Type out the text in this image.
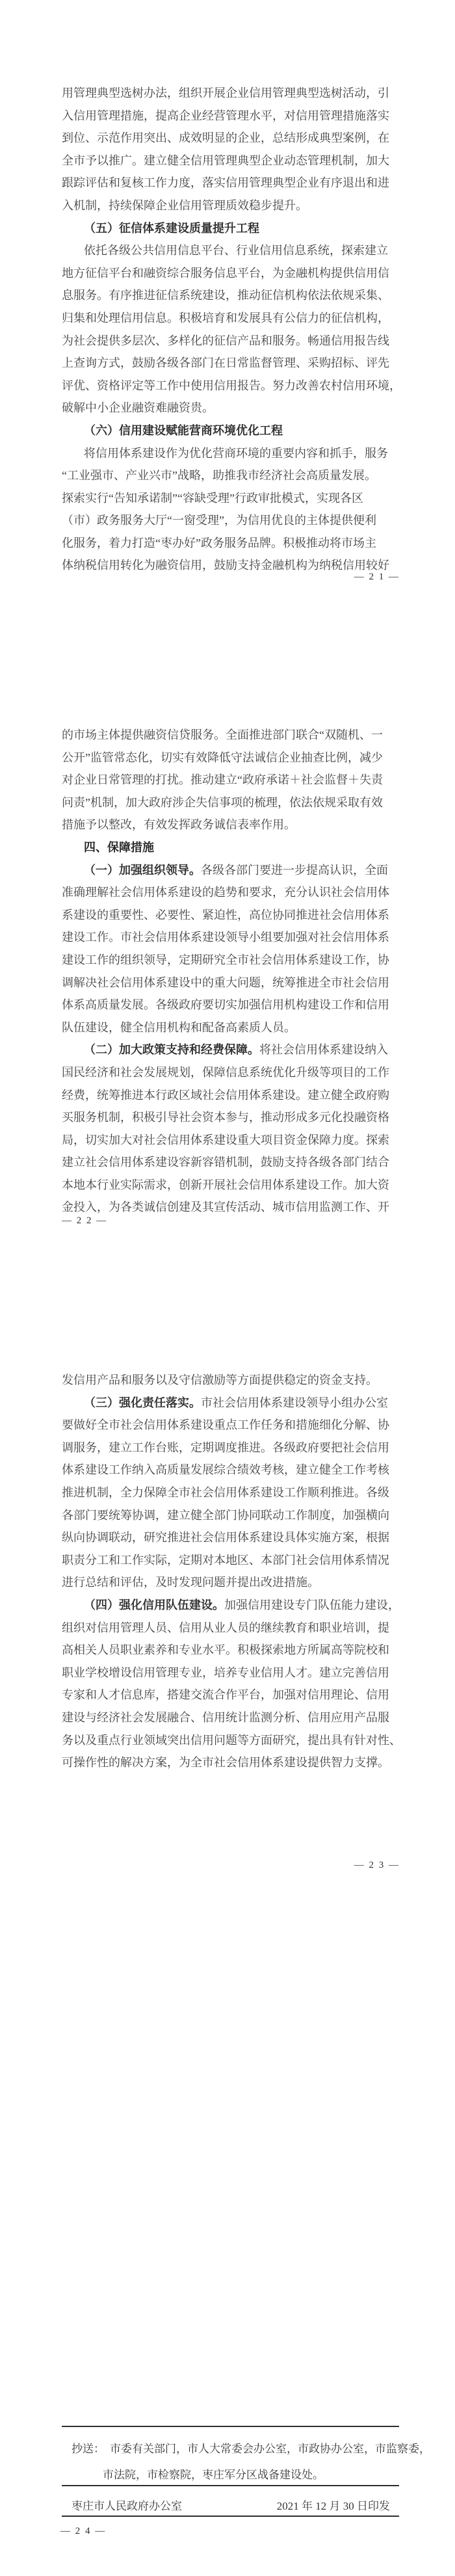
用管理典型选树办法，组织开展企业信用管理典型选树活动，引
入信用管理措施，提高企业经营管理水平，对信用管理措施落实
到位、示范作用突出、成效明显的企业，总结形成典型案例，在
全市予以推广。建立健全信用管理典型企业动态管理机制，加大
跟踪评估和复核工作力度，落实信用管理典型企业有序退出和进
入机制，持续保障企业信用管理质效稳步提升。
（五）征信体系建设质量提升工程
依托各级公共信用信息平台、行业信用信息系统，探索建立
地方征信平台和融资综合服务信息平台，为金融机构提供信用信
息服务。有序推进征信系统建设，推动征信机构依法依规采集、
归集和处理信用信息。积极培育和发展具有公信力的征信机构，
为社会提供多层次、多样化的征信产品和服务。畅通信用报告线
上查询方式，鼓励各级各部门在日常监督管理、采购招标、评先
评优、资格评定等工作中使用信用报告。努力改善农村信用环境，
破解中小企业融资难融资贵。
（六）信用建设赋能营商环境优化工程
将信用体系建设作为优化营商环境的重要内容和抓手，服务
“工业强市、产业兴市”战略，助推我市经济社会高质量发展。
探索实行“告知承诺制”“容缺受理”行政审批模式，实现各区
（市）政务服务大厅“一窗受理”，为信用优良的主体提供便利
化服务，着力打造“枣办好”政务服务品牌。积极推动将市场主
体纳税信用转化为融资信用，鼓励支持金融机构为纳税信用较好
— 2 1 —
的市场主体提供融资信贷服务。全面推进部门联合“双随机、一
公开”监管常态化，切实有效降低守法诚信企业抽查比例，减少
对企业日常管理的打扰。推动建立“政府承诺＋社会监督＋失责
问责”机制，加大政府涉企失信事项的梳理，依法依规采取有效
措施予以整改，有效发挥政务诚信表率作用。
四、保障措施
（一）加强组织领导。各级各部门要进一步提高认识，全面
准确理解社会信用体系建设的趋势和要求，充分认识社会信用体
系建设的重要性、必要性、紧迫性，高位协同推进社会信用体系
建设工作。市社会信用体系建设领导小组要加强对社会信用体系
建设工作的组织领导，定期研究全市社会信用体系建设工作，协
调解决社会信用体系建设中的重大问题，统筹推进全市社会信用
体系高质量发展。各级政府要切实加强信用机构建设工作和信用
队伍建设，健全信用机构和配备高素质人员。
（二）加大政策支持和经费保障。将社会信用体系建设纳入
国民经济和社会发展规划，保障信息系统优化升级等项目的工作
经费，统筹推进本行政区域社会信用体系建设。建立健全政府购
买服务机制，积极引导社会资本参与，推动形成多元化投融资格
局，切实加大对社会信用体系建设重大项目资金保障力度。探索
建立社会信用体系建设容新容错机制，鼓励支持各级各部门结合
本地本行业实际需求，创新开展社会信用体系建设工作。加大资
金投入，为各类诚信创建及其宣传活动、城市信用监测工作、开
— 2 2 —
发信用产品和服务以及守信激励等方面提供稳定的资金支持。
（三）强化责任落实。市社会信用体系建设领导小组办公室
要做好全市社会信用体系建设重点工作任务和措施细化分解、协
调服务，建立工作台账，定期调度推进。各级政府要把社会信用
体系建设工作纳入高质量发展综合绩效考核，建立健全工作考核
推进机制，全力保障全市社会信用体系建设工作顺利推进。各级
各部门要统筹协调，建立健全部门协同联动工作制度，加强横向
纵向协调联动，研究推进社会信用体系建设具体实施方案，根据
职责分工和工作实际，定期对本地区、本部门社会信用体系情况
进行总结和评估，及时发现问题并提出改进措施。
（四）强化信用队伍建设。加强信用建设专门队伍能力建设，
组织对信用管理人员、信用从业人员的继续教育和职业培训，提
高相关人员职业素养和专业水平。积极探索地方所属高等院校和
职业学校增设信用管理专业，培养专业信用人才。建立完善信用
专家和人才信息库，搭建交流合作平台，加强对信用理论、信用
建设与经济社会发展融合、信用统计监测分析、信用应用产品服
务以及重点行业领域突出信用问题等方面研究，提出具有针对性、
可操作性的解决方案，为全市社会信用体系建设提供智力支撑。
— 2 3 —
抄送： 市委有关部门，市人大常委会办公室，市政协办公室，市监察委，
市法院，市检察院，枣庄军分区战备建设处。
枣庄市人民政府办公室	2021 年 12 月 30 日印发
— 2 4 —
